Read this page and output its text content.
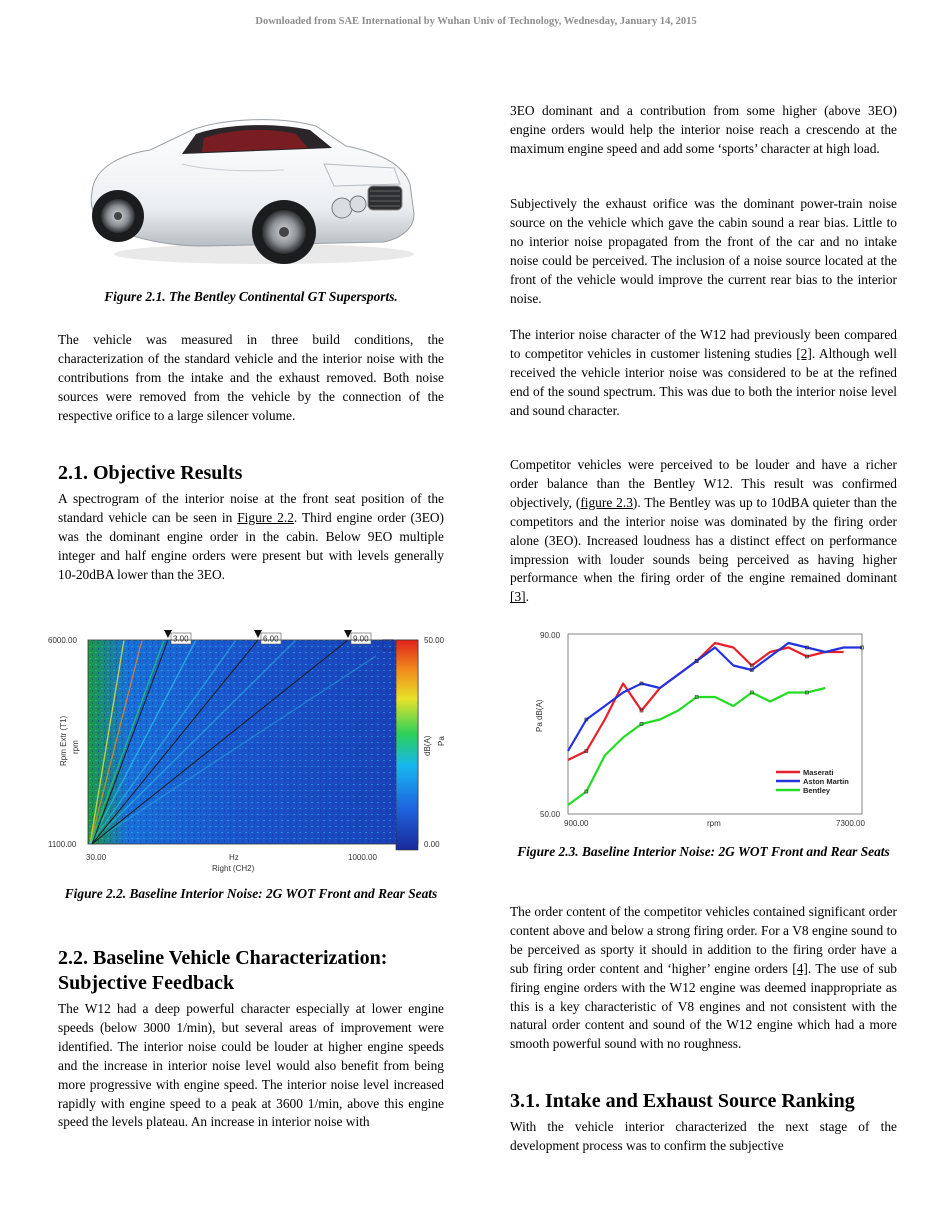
Downloaded from SAE International by Wuhan Univ of Technology, Wednesday, January 14, 2015
Figure 2.1. The Bentley Continental GT Supersports.

The vehicle was measured in three build conditions, the characterization of the standard vehicle and the interior noise with the contributions from the intake and the exhaust removed. Both noise sources were removed from the vehicle by the connection of the respective orifice to a large silencer volume.

2.1. Objective Results

A spectrogram of the interior noise at the front seat position of the standard vehicle can be seen in Figure 2.2. Third engine order (3EO) was the dominant engine order in the cabin. Below 9EO multiple integer and half engine orders were present but with levels generally 10-20dBA lower than the 3EO.

3.00	6.00	9.00
6000.00
1100.00
Rpm Extr (T1) rpm
30.00	1000.00
Hz
Right (CH2)
50.00
0.00
dB(A) Pa
Figure 2.2. Baseline Interior Noise: 2G WOT Front and Rear Seats
2.2. Baseline Vehicle Characterization:
Subjective Feedback

The W12 had a deep powerful character especially at lower engine speeds (below 3000 1/min), but several areas of improvement were identified. The interior noise could be louder at higher engine speeds and the increase in interior noise level would also benefit from being more progressive with engine speed. The interior noise level increased rapidly with engine speed to a peak at 3600 1/min, above this engine speed the levels plateau. An increase in interior noise with

3EO dominant and a contribution from some higher (above 3EO) engine orders would help the interior noise reach a crescendo at the maximum engine speed and add some ‘sports’ character at high load.

Subjectively the exhaust orifice was the dominant power-train noise source on the vehicle which gave the cabin sound a rear bias. Little to no interior noise propagated from the front of the car and no intake noise could be perceived. The inclusion of a noise source located at the front of the vehicle would improve the current rear bias to the interior noise.

The interior noise character of the W12 had previously been compared to competitor vehicles in customer listening studies [2]. Although well received the vehicle interior noise was considered to be at the refined end of the sound spectrum. This was due to both the interior noise level and sound character.

Competitor vehicles were perceived to be louder and have a richer order balance than the Bentley W12. This result was confirmed objectively, (figure 2.3). The Bentley was up to 10dBA quieter than the competitors and the interior noise was dominated by the firing order alone (3EO). Increased loudness has a distinct effect on performance impression with louder sounds being perceived as having higher performance when the firing order of the engine remained dominant [3].

90.00
50.00
900.00	rpm	7300.00
Pa dB(A)
Maserati
Aston Martin
Bentley
Figure 2.3. Baseline Interior Noise: 2G WOT Front and Rear Seats

The order content of the competitor vehicles contained significant order content above and below a strong firing order. For a V8 engine sound to be perceived as sporty it should in addition to the firing order have a sub firing order content and ‘higher’ engine orders [4]. The use of sub firing engine orders with the W12 engine was deemed inappropriate as this is a key characteristic of V8 engines and not consistent with the natural order content and sound of the W12 engine which had a more smooth powerful sound with no roughness.

3.1. Intake and Exhaust Source Ranking

With the vehicle interior characterized the next stage of the development process was to confirm the subjective
